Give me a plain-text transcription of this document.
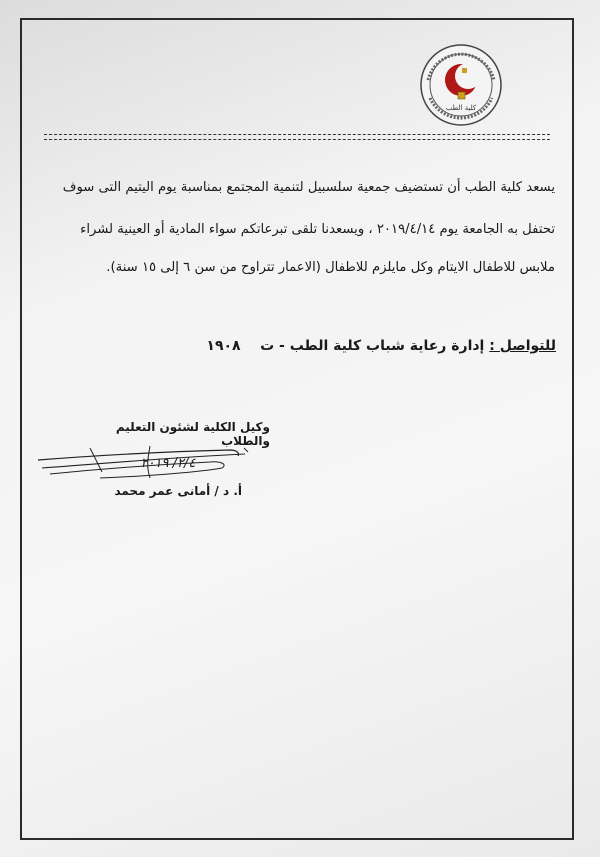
كلية الطب
يسعد كلية الطب أن تستضيف جمعية سلسبيل لتنمية المجتمع بمناسبة يوم اليتيم التى سوف
تحتفل به الجامعة يوم ٢٠١٩/٤/١٤ ، ويسعدنا تلقى تبرعاتكم سواء المادية أو العينية لشراء
ملابس للاطفال الايتام وكل مايلزم للاطفال (الاعمار تتراوح من سن ٦ إلى ١٥ سنة).
للتواصل : إدارة رعاية شباب كلية الطب - ت    ١٩٠٨
وكيل الكلية لشئون التعليم والطلاب
٢/٤/ ٢٠١٩
أ. د / أمانى عمر محمد
